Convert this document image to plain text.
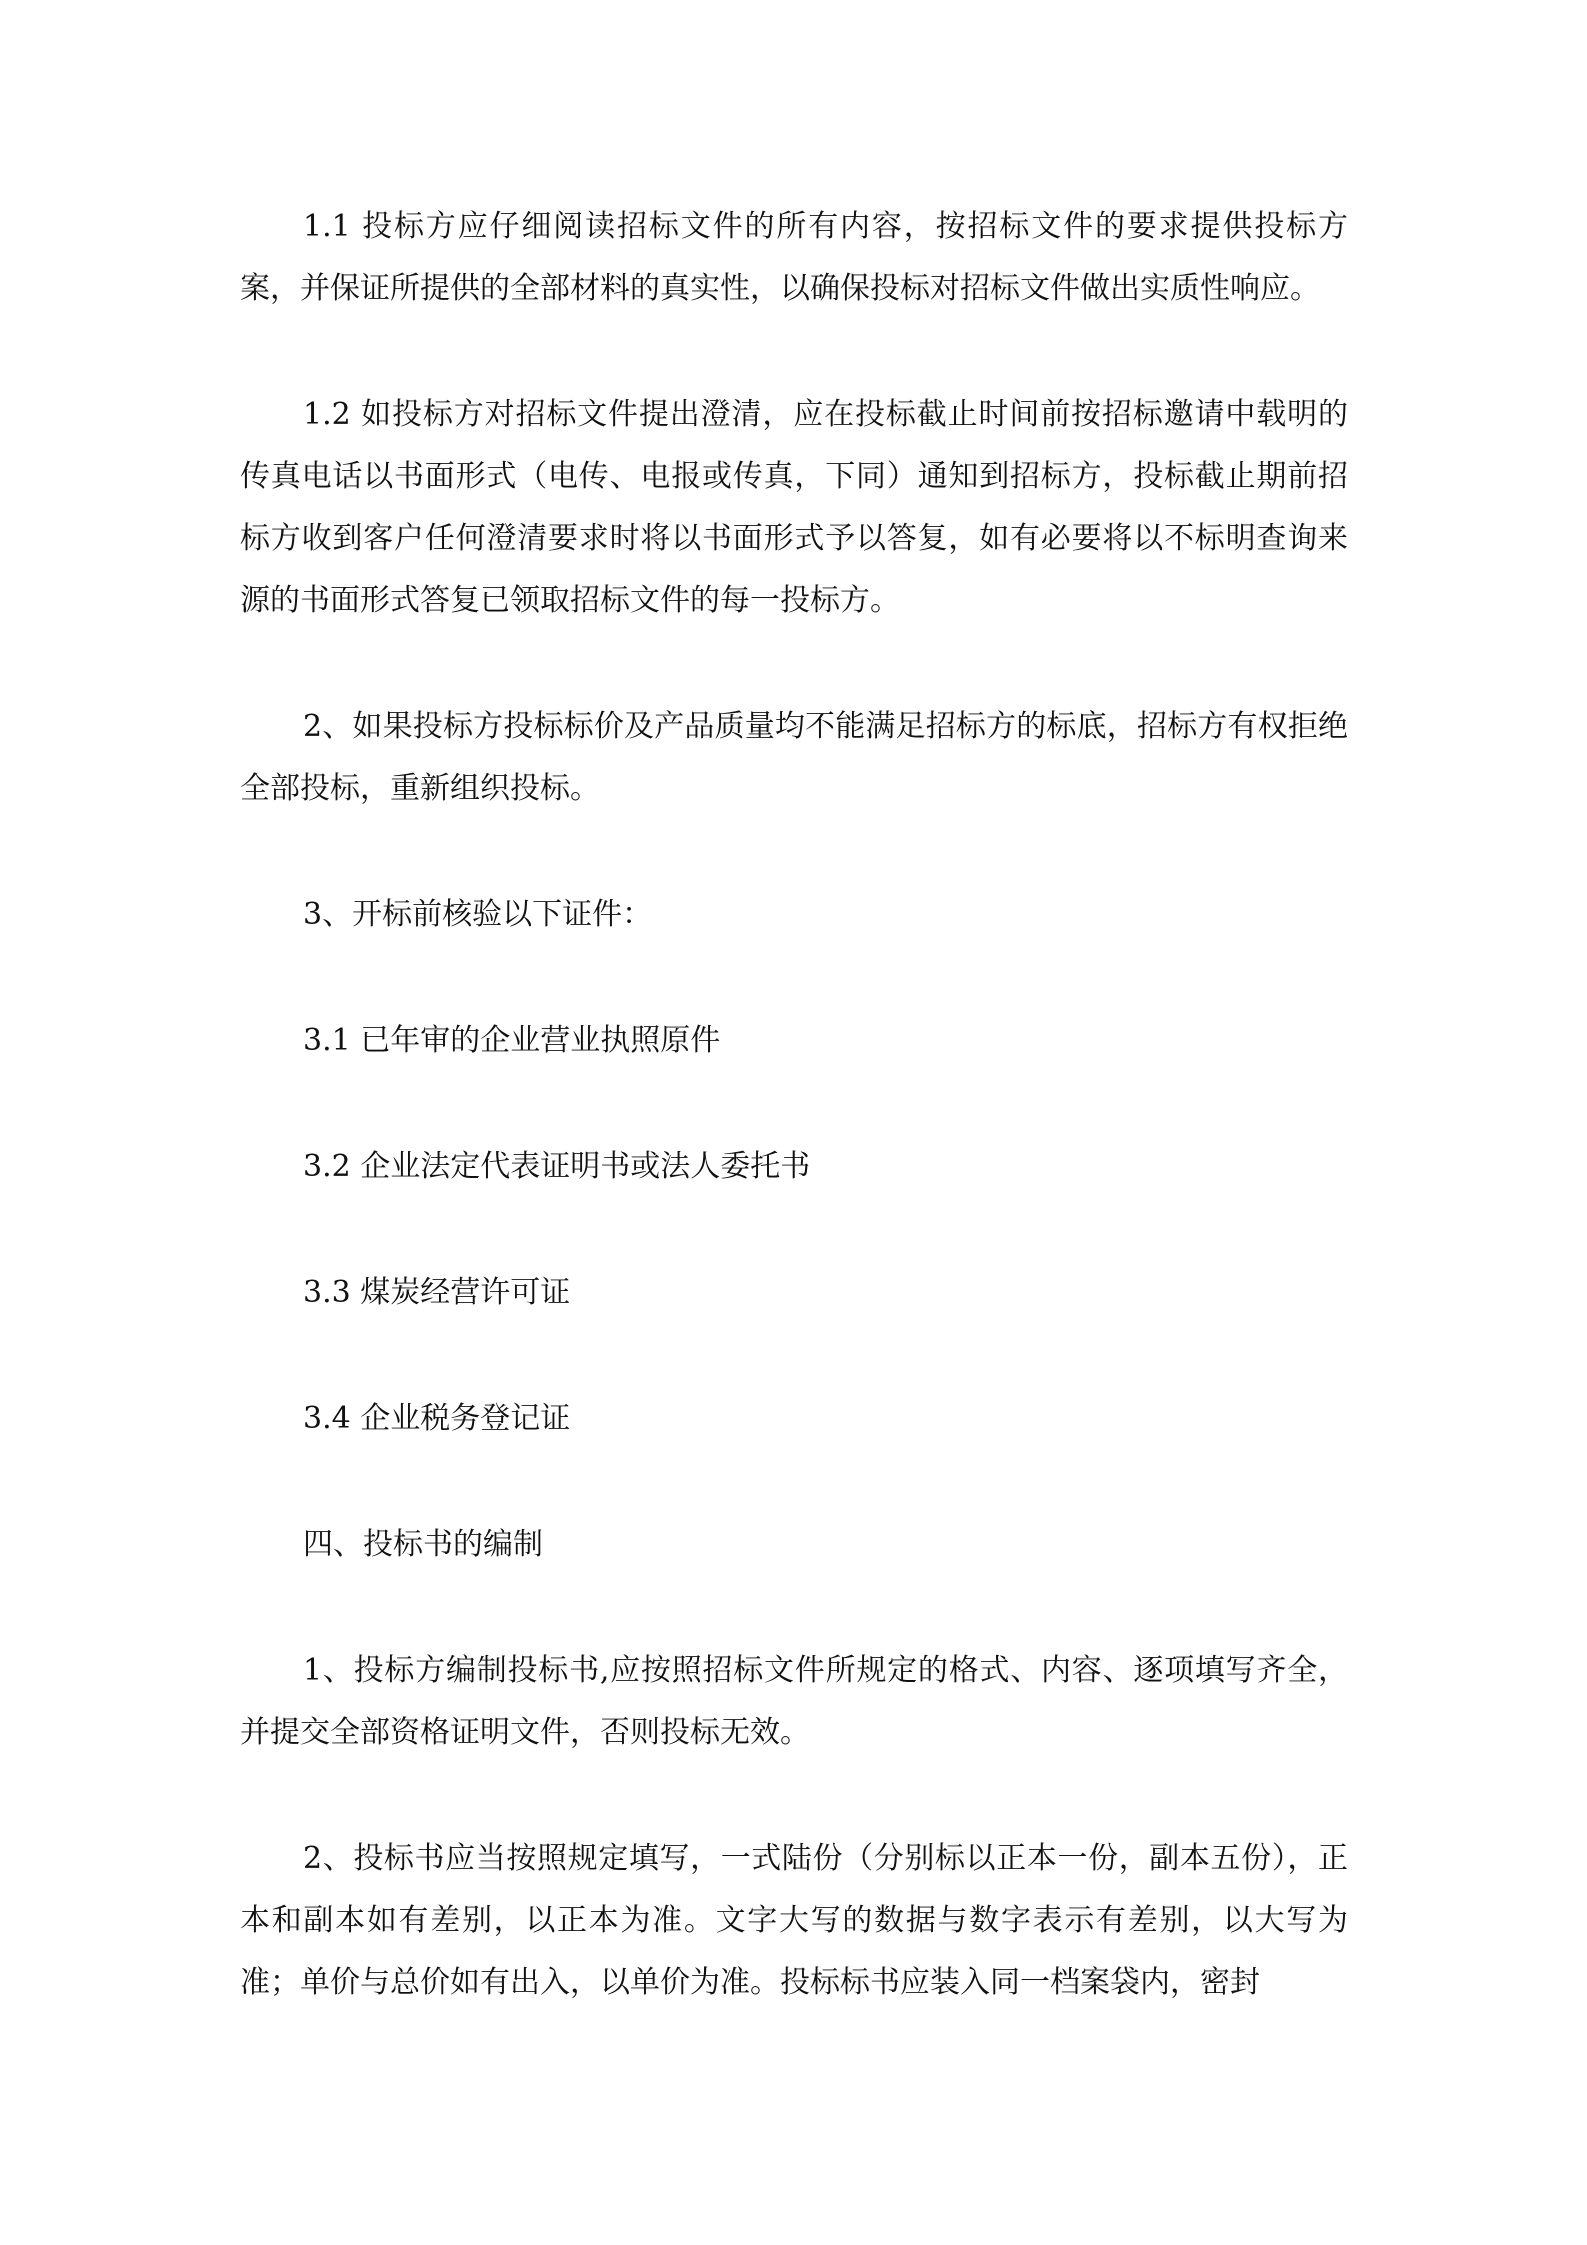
1.1 投标方应仔细阅读招标文件的所有内容，按招标文件的要求提供投标方案，并保证所提供的全部材料的真实性，以确保投标对招标文件做出实质性响应。

1.2 如投标方对招标文件提出澄清，应在投标截止时间前按招标邀请中载明的传真电话以书面形式（电传、电报或传真，下同）通知到招标方，投标截止期前招标方收到客户任何澄清要求时将以书面形式予以答复，如有必要将以不标明查询来源的书面形式答复已领取招标文件的每一投标方。

2、如果投标方投标标价及产品质量均不能满足招标方的标底，招标方有权拒绝全部投标，重新组织投标。

3、开标前核验以下证件：

3.1 已年审的企业营业执照原件

3.2 企业法定代表证明书或法人委托书

3.3 煤炭经营许可证

3.4 企业税务登记证

四、投标书的编制

1、投标方编制投标书,应按照招标文件所规定的格式、内容、逐项填写齐全，并提交全部资格证明文件，否则投标无效。

2、投标书应当按照规定填写，一式陆份（分别标以正本一份，副本五份），正本和副本如有差别，以正本为准。文字大写的数据与数字表示有差别，以大写为准；单价与总价如有出入，以单价为准。投标标书应装入同一档案袋内，密封
